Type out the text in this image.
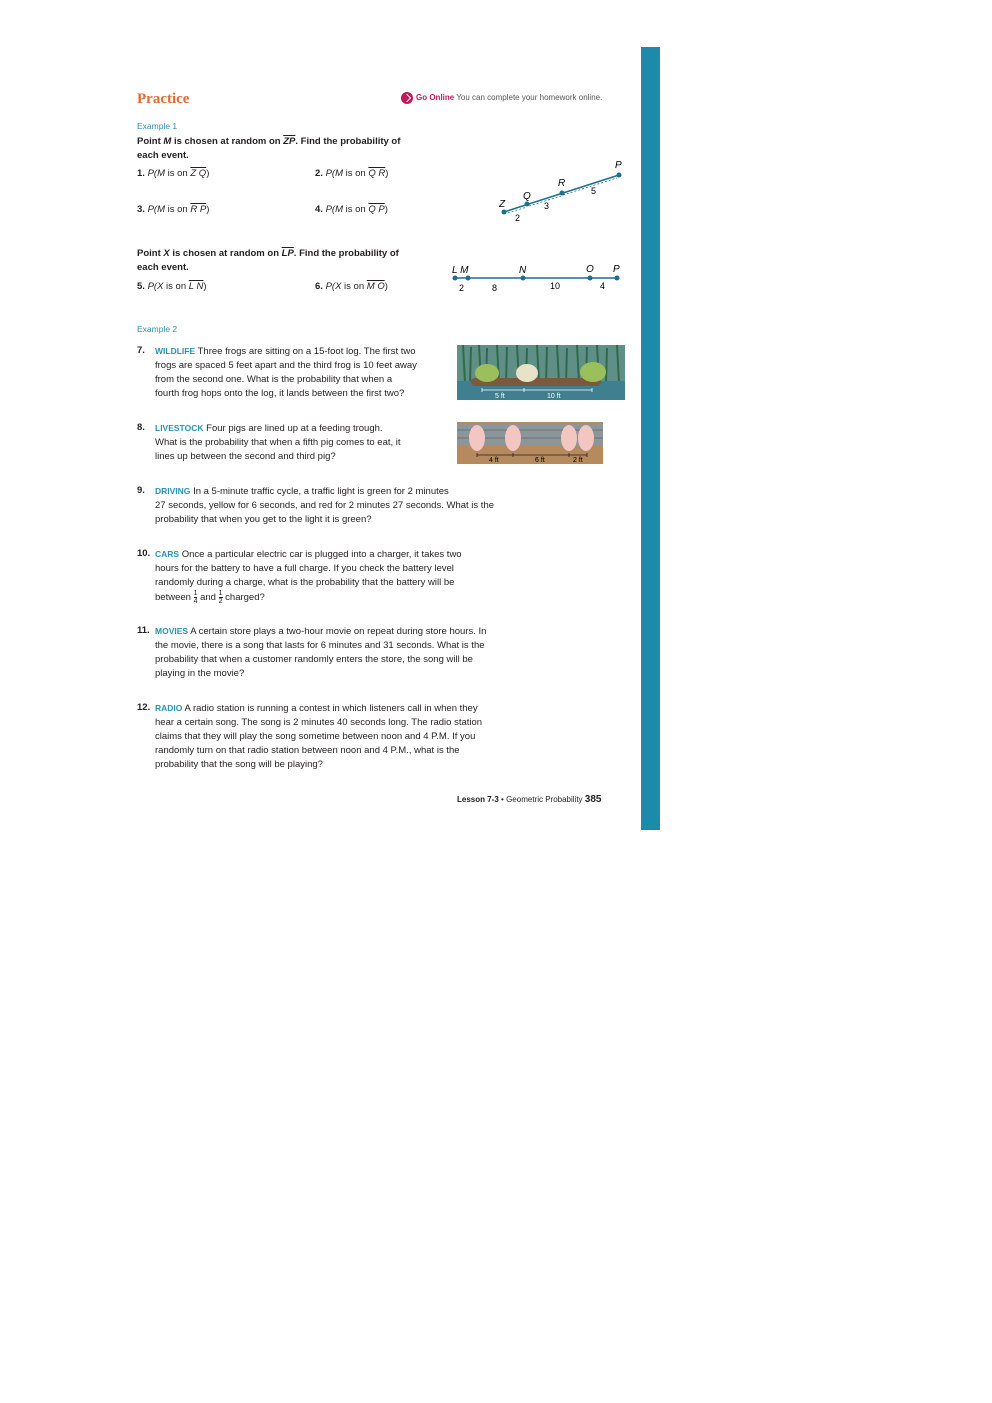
Practice	Go Online You can complete your homework online.
Example 1
Point M is chosen at random on $\overline{ZP}$. Find the probability of
each event.
1. P(M is on Z Q)	2. P(M is on Q R)
3. P(M is on R P)	4. P(M is on Q P)	Z
Q
R
P
2
3
5
Point X is chosen at random on $\overline{LP}$. Find the probability of
each event.
5. P(X is on L N)	6. P(X is on M O)
L M	N	O P
2	8	10	4
Example 2
7. WILDLIFE Three frogs are sitting on a 15-foot log. The first two

frogs are spaced 5 feet apart and the third frog is 10 feet away

from the second one. What is the probability that when a

fourth frog hops onto the log, it lands between the first two?	5 ft	10 ft
8. LIVESTOCK Four pigs are lined up at a feeding trough.

What is the probability that when a fifth pig comes to eat, it

lines up between the second and third pig?	4 ft	6 ft	2 ft
9. DRIVING In a 5-minute traffic cycle, a traffic light is green for 2 minutes

27 seconds, yellow for 6 seconds, and red for 2 minutes 27 seconds. What is the

probability that when you get to the light it is green?

10. CARS Once a particular electric car is plugged into a charger, it takes two

hours for the battery to have a full charge. If you check the battery level

randomly during a charge, what is the probability that the battery will be

between $\frac{1}{4}$ and $\frac{1}{2}$ charged?

11. MOVIES A certain store plays a two-hour movie on repeat during store hours. In

the movie, there is a song that lasts for 6 minutes and 31 seconds. What is the

probability that when a customer randomly enters the store, the song will be

playing in the movie?

12. RADIO A radio station is running a contest in which listeners call in when they

hear a certain song. The song is 2 minutes 40 seconds long. The radio station

claims that they will play the song sometime between noon and 4 P.M. If you

randomly turn on that radio station between noon and 4 P.M., what is the

probability that the song will be playing?

Lesson 7-3 • Geometric Probability 385
